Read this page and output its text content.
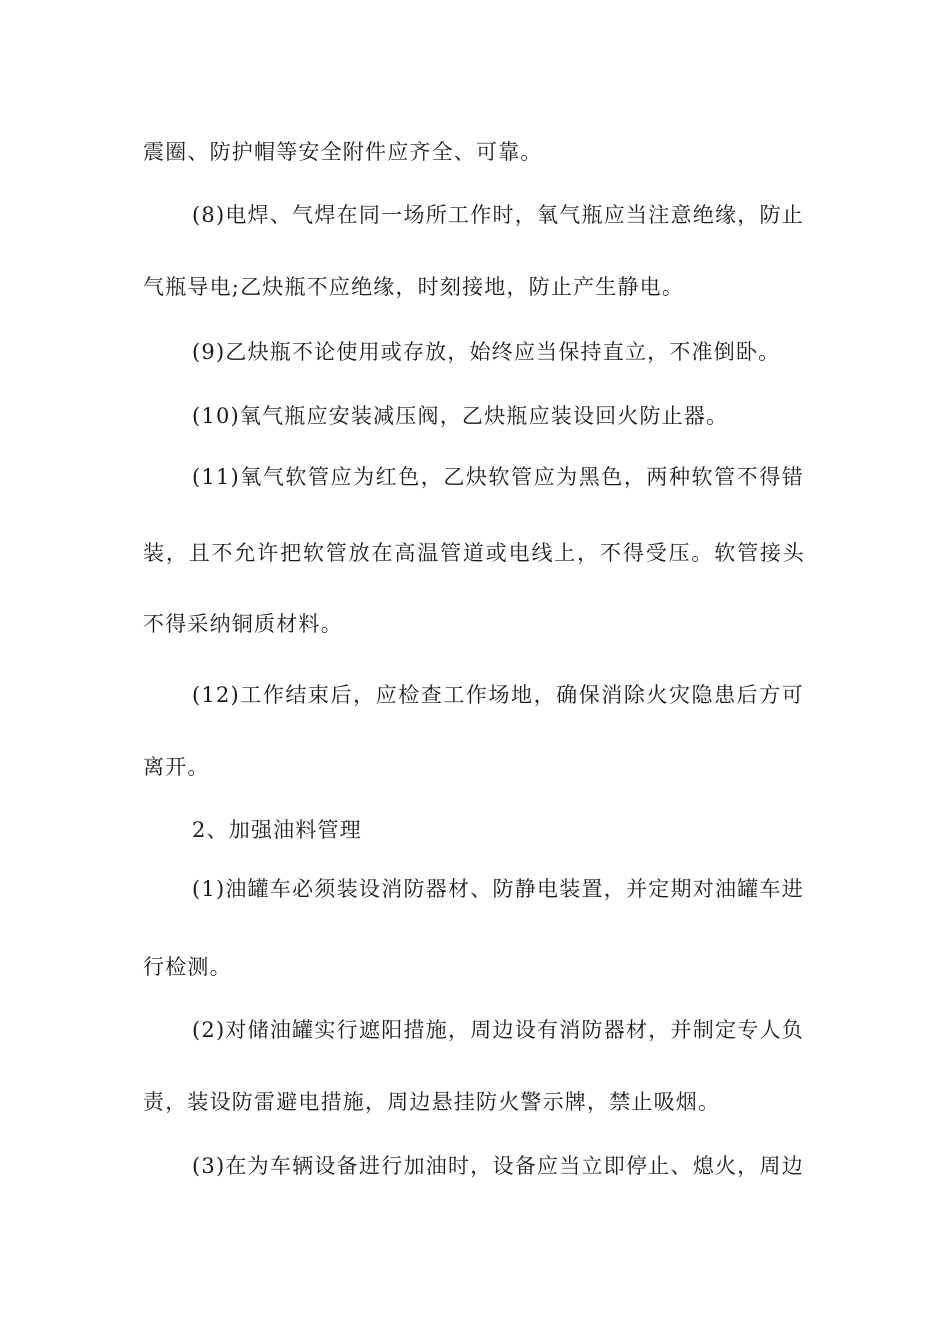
震圈、防护帽等安全附件应齐全、可靠。
(8)电焊、气焊在同一场所工作时，氧气瓶应当注意绝缘，防止
气瓶导电;乙炔瓶不应绝缘，时刻接地，防止产生静电。
(9)乙炔瓶不论使用或存放，始终应当保持直立，不准倒卧。
(10)氧气瓶应安装减压阀，乙炔瓶应装设回火防止器。
(11)氧气软管应为红色，乙炔软管应为黑色，两种软管不得错
装，且不允许把软管放在高温管道或电线上，不得受压。软管接头
不得采纳铜质材料。
(12)工作结束后，应检查工作场地，确保消除火灾隐患后方可
离开。
2、加强油料管理
(1)油罐车必须装设消防器材、防静电装置，并定期对油罐车进
行检测。
(2)对储油罐实行遮阳措施，周边设有消防器材，并制定专人负
责，装设防雷避电措施，周边悬挂防火警示牌，禁止吸烟。
(3)在为车辆设备进行加油时，设备应当立即停止、熄火，周边
